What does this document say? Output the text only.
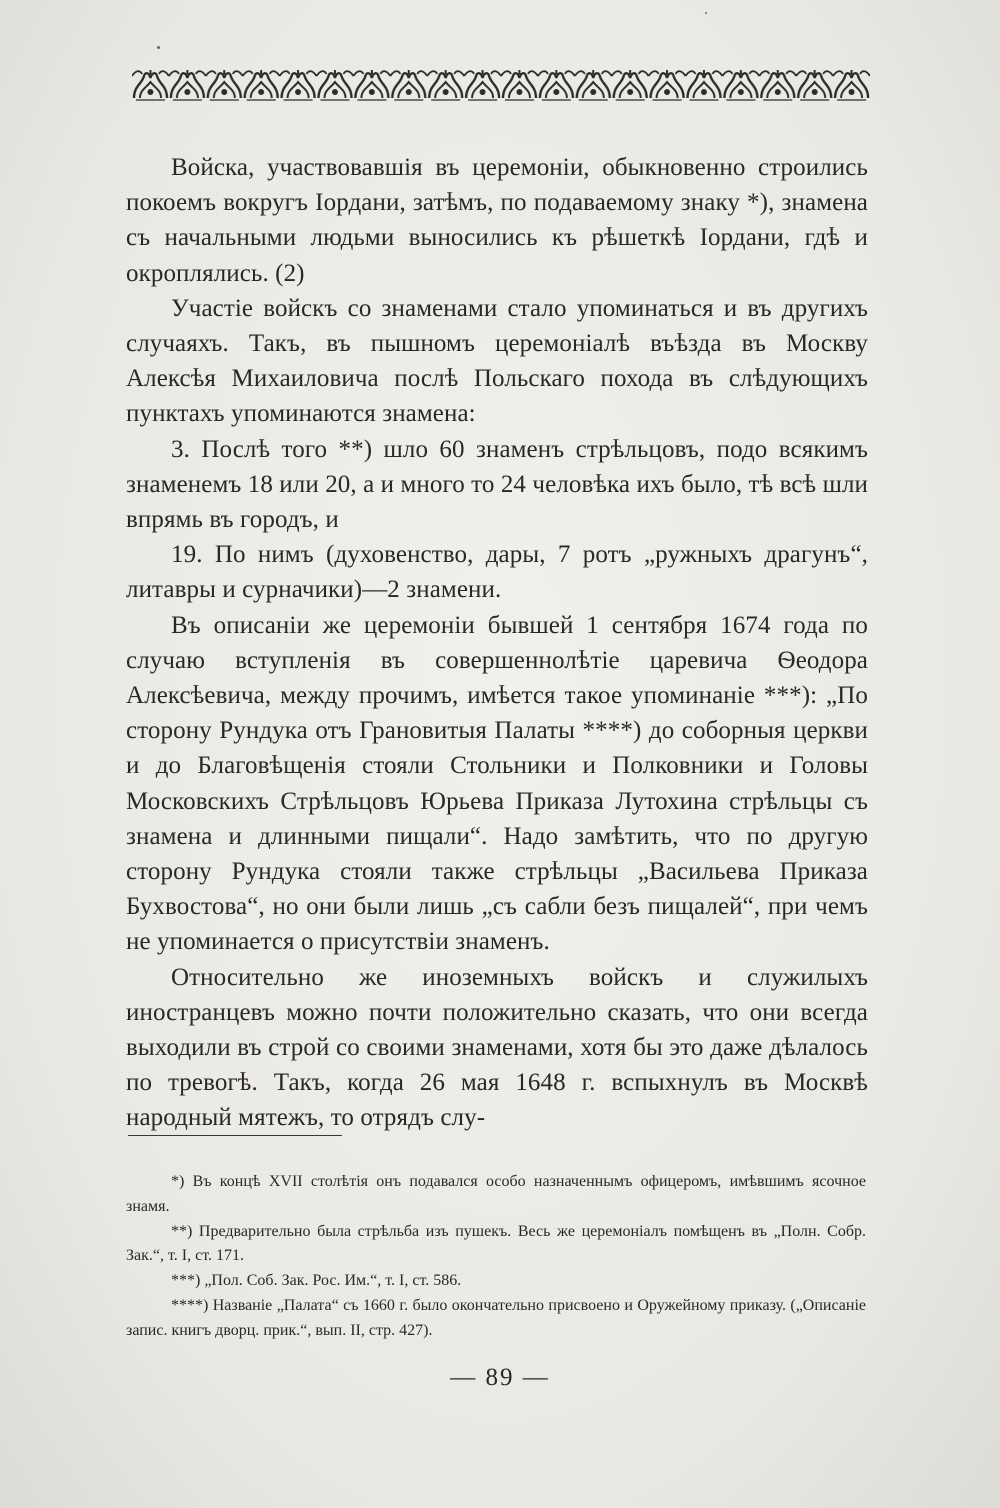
Войска, участвовавшія въ церемоніи, обыкновенно строились покоемъ вокругъ Іордани, затѣмъ, по подаваемому знаку *), знамена съ начальными людьми выносились къ рѣшеткѣ Іордани, гдѣ и окроплялись. (2)

Участіе войскъ со знаменами стало упоминаться и въ другихъ случаяхъ. Такъ, въ пышномъ церемоніалѣ въѣзда въ Москву Алексѣя Михаиловича послѣ Польскаго похода въ слѣдующихъ пунктахъ упоминаются знамена:

3. Послѣ того **) шло 60 знаменъ стрѣльцовъ, подо всякимъ знаменемъ 18 или 20, а и много то 24 человѣка ихъ было, тѣ всѣ шли впрямь въ городъ, и

19. По нимъ (духовенство, дары, 7 ротъ „ружныхъ драгунъ“, литавры и сурначики)—2 знамени.

Въ описаніи же церемоніи бывшей 1 сентября 1674 года по случаю вступленія въ совершеннолѣтіе царевича Ѳеодора Алексѣевича, между прочимъ, имѣется такое упоминаніе ***): „По сторону Рундука отъ Грановитыя Палаты ****) до соборныя церкви и до Благовѣщенія стояли Стольники и Полковники и Головы Московскихъ Стрѣльцовъ Юрьева Приказа Лутохина стрѣльцы съ знамена и длинными пищали“. Надо замѣтить, что по другую сторону Рундука стояли также стрѣльцы „Васильева Приказа Бухвостова“, но они были лишь „съ сабли безъ пищалей“, при чемъ не упоминается о присутствіи знаменъ.

Относительно же иноземныхъ войскъ и служилыхъ иностранцевъ можно почти положительно сказать, что они всегда выходили въ строй со своими знаменами, хотя бы это даже дѣлалось по тревогѣ. Такъ, когда 26 мая 1648 г. вспыхнулъ въ Москвѣ народный мятежъ, то отрядъ слу-

*) Въ концѣ XVII столѣтія онъ подавался особо назначеннымъ офицеромъ, имѣвшимъ ясочное знамя.

**) Предварительно была стрѣльба изъ пушекъ. Весь же церемоніалъ помѣщенъ въ „Полн. Собр. Зак.“, т. I, ст. 171.

***) „Пол. Соб. Зак. Рос. Им.“, т. I, ст. 586.

****) Названіе „Палата“ съ 1660 г. было окончательно присвоено и Оружейному приказу. („Описаніе запис. книгъ дворц. прик.“, вып. II, стр. 427).

— 89 —
